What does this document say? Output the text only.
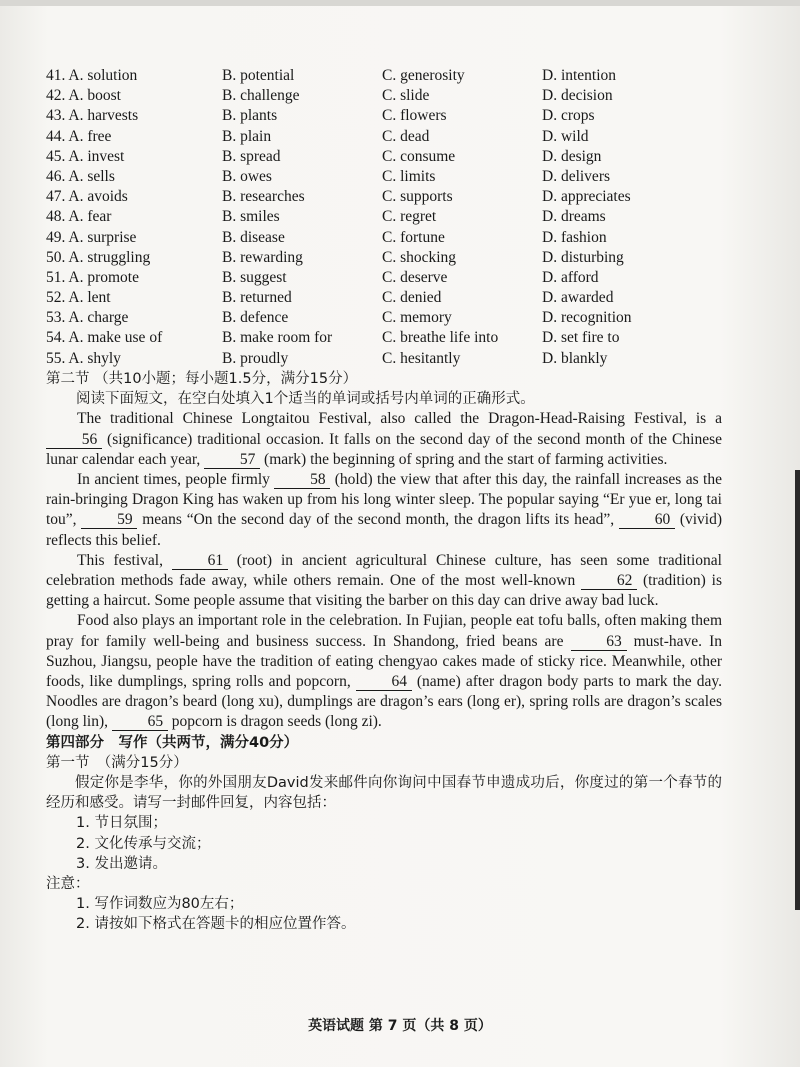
41. A. solution	B. potential	C. generosity	D. intention
42. A. boost	B. challenge	C. slide	D. decision
43. A. harvests	B. plants	C. flowers	D. crops
44. A. free	B. plain	C. dead	D. wild
45. A. invest	B. spread	C. consume	D. design
46. A. sells	B. owes	C. limits	D. delivers
47. A. avoids	B. researches	C. supports	D. appreciates
48. A. fear	B. smiles	C. regret	D. dreams
49. A. surprise	B. disease	C. fortune	D. fashion
50. A. struggling	B. rewarding	C. shocking	D. disturbing
51. A. promote	B. suggest	C. deserve	D. afford
52. A. lent	B. returned	C. denied	D. awarded
53. A. charge	B. defence	C. memory	D. recognition
54. A. make use of	B. make room for	C. breathe life into	D. set fire to
55. A. shyly	B. proudly	C. hesitantly	D. blankly
第二节 （共10小题；每小题1.5分，满分15分）
阅读下面短文，在空白处填入1个适当的单词或括号内单词的正确形式。

The traditional Chinese Longtaitou Festival, also called the Dragon-Head-Raising Festival, is a 56 (significance) traditional occasion. It falls on the second day of the second month of the Chinese lunar calendar each year, 57 (mark) the beginning of spring and the start of farming activities.

In ancient times, people firmly 58 (hold) the view that after this day, the rainfall increases as the rain-bringing Dragon King has waken up from his long winter sleep. The popular saying “Er yue er, long tai tou”, 59 means “On the second day of the second month, the dragon lifts its head”, 60 (vivid) reflects this belief.

This festival, 61 (root) in ancient agricultural Chinese culture, has seen some traditional celebration methods fade away, while others remain. One of the most well-known 62 (tradition) is getting a haircut. Some people assume that visiting the barber on this day can drive away bad luck.

Food also plays an important role in the celebration. In Fujian, people eat tofu balls, often making them pray for family well-being and business success. In Shandong, fried beans are 63 must-have. In Suzhou, Jiangsu, people have the tradition of eating chengyao cakes made of sticky rice. Meanwhile, other foods, like dumplings, spring rolls and popcorn, 64 (name) after dragon body parts to mark the day. Noodles are dragon’s beard (long xu), dumplings are dragon’s ears (long er), spring rolls are dragon’s scales (long lin), 65 popcorn is dragon seeds (long zi).

第四部分　写作（共两节，满分40分）
第一节　（满分15分）

假定你是李华，你的外国朋友David发来邮件向你询问中国春节申遗成功后，你度过的第一个春节的经历和感受。请写一封邮件回复，内容包括：

1. 节日氛围；
2. 文化传承与交流；
3. 发出邀请。
注意：
1. 写作词数应为80左右；
2. 请按如下格式在答题卡的相应位置作答。
英语试题 第 7 页（共 8 页）
